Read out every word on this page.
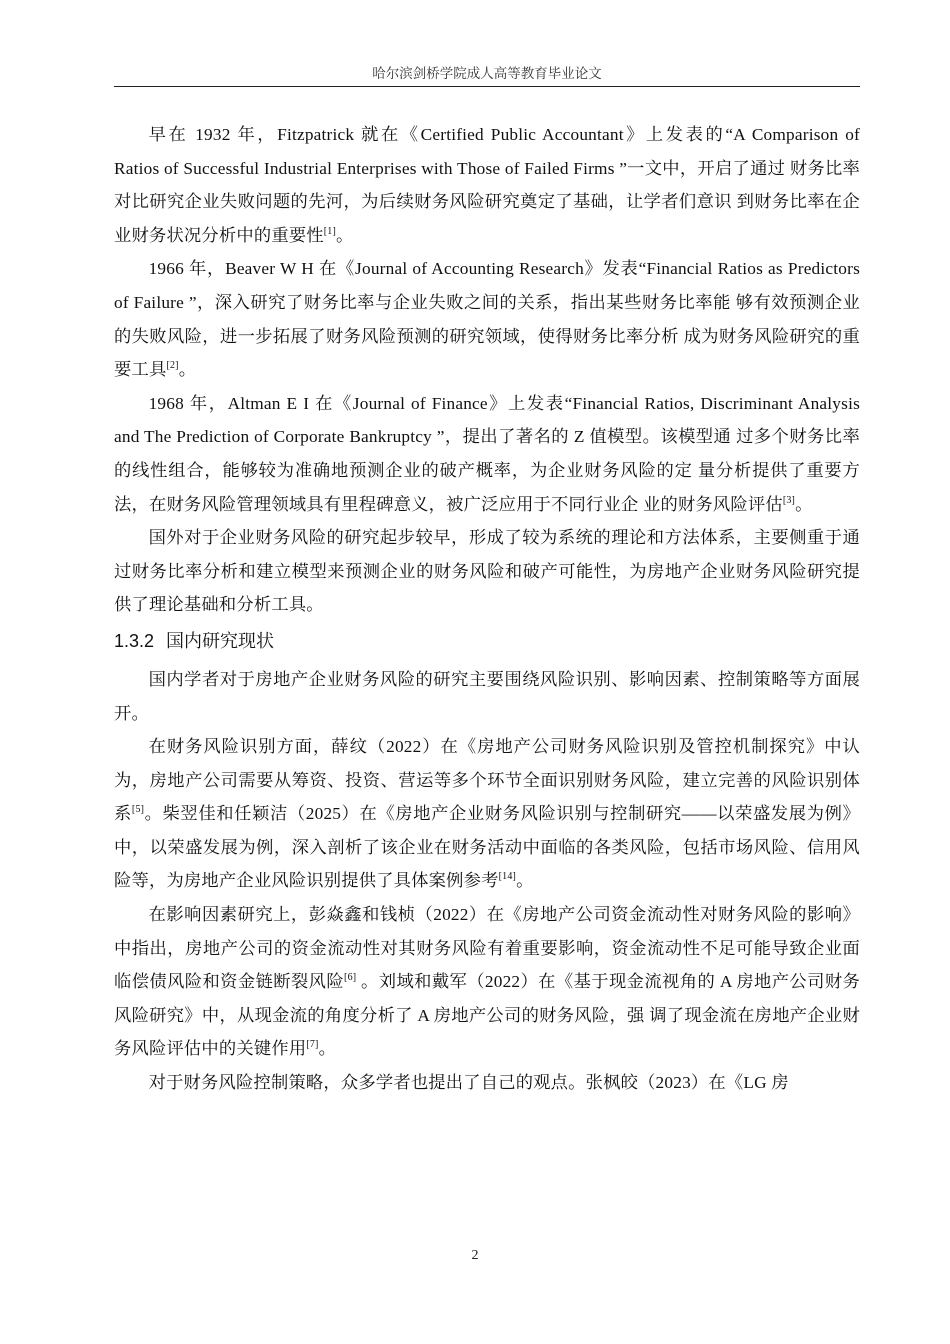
哈尔滨剑桥学院成人高等教育毕业论文

早在 1932 年，Fitzpatrick 就在《Certified Public Accountant》上发表的“A Comparison of Ratios of Successful Industrial Enterprises with Those of Failed Firms ”一文中，开启了通过 财务比率对比研究企业失败问题的先河，为后续财务风险研究奠定了基础，让学者们意识 到财务比率在企业财务状况分析中的重要性[1]。

1966 年，Beaver W H 在《Journal of Accounting Research》发表“Financial Ratios as Predictors of Failure ”，深入研究了财务比率与企业失败之间的关系，指出某些财务比率能 够有效预测企业的失败风险，进一步拓展了财务风险预测的研究领域，使得财务比率分析 成为财务风险研究的重要工具[2]。

1968 年，Altman E I 在《Journal of Finance》上发表“Financial Ratios, Discriminant Analysis and The Prediction of Corporate Bankruptcy ”，提出了著名的 Z 值模型。该模型通 过多个财务比率的线性组合，能够较为准确地预测企业的破产概率，为企业财务风险的定 量分析提供了重要方法，在财务风险管理领域具有里程碑意义，被广泛应用于不同行业企 业的财务风险评估[3]。

国外对于企业财务风险的研究起步较早，形成了较为系统的理论和方法体系，主要侧重于通过财务比率分析和建立模型来预测企业的财务风险和破产可能性，为房地产企业财务风险研究提供了理论基础和分析工具。

1.3.2 国内研究现状

国内学者对于房地产企业财务风险的研究主要围绕风险识别、影响因素、控制策略等方面展开。

在财务风险识别方面，薛纹（2022）在《房地产公司财务风险识别及管控机制探究》中认为，房地产公司需要从筹资、投资、营运等多个环节全面识别财务风险，建立完善的风险识别体系[5]。柴翌佳和任颖洁（2025）在《房地产企业财务风险识别与控制研究——以荣盛发展为例》中，以荣盛发展为例，深入剖析了该企业在财务活动中面临的各类风险，包括市场风险、信用风险等，为房地产企业风险识别提供了具体案例参考[14]。

在影响因素研究上，彭焱鑫和钱桢（2022）在《房地产公司资金流动性对财务风险的影响》中指出，房地产公司的资金流动性对其财务风险有着重要影响，资金流动性不足可能导致企业面临偿债风险和资金链断裂风险[6] 。刘域和戴军（2022）在《基于现金流视角的 A 房地产公司财务风险研究》中，从现金流的角度分析了 A 房地产公司的财务风险，强 调了现金流在房地产企业财务风险评估中的关键作用[7]。

对于财务风险控制策略，众多学者也提出了自己的观点。张枫皎（2023）在《LG 房

2
